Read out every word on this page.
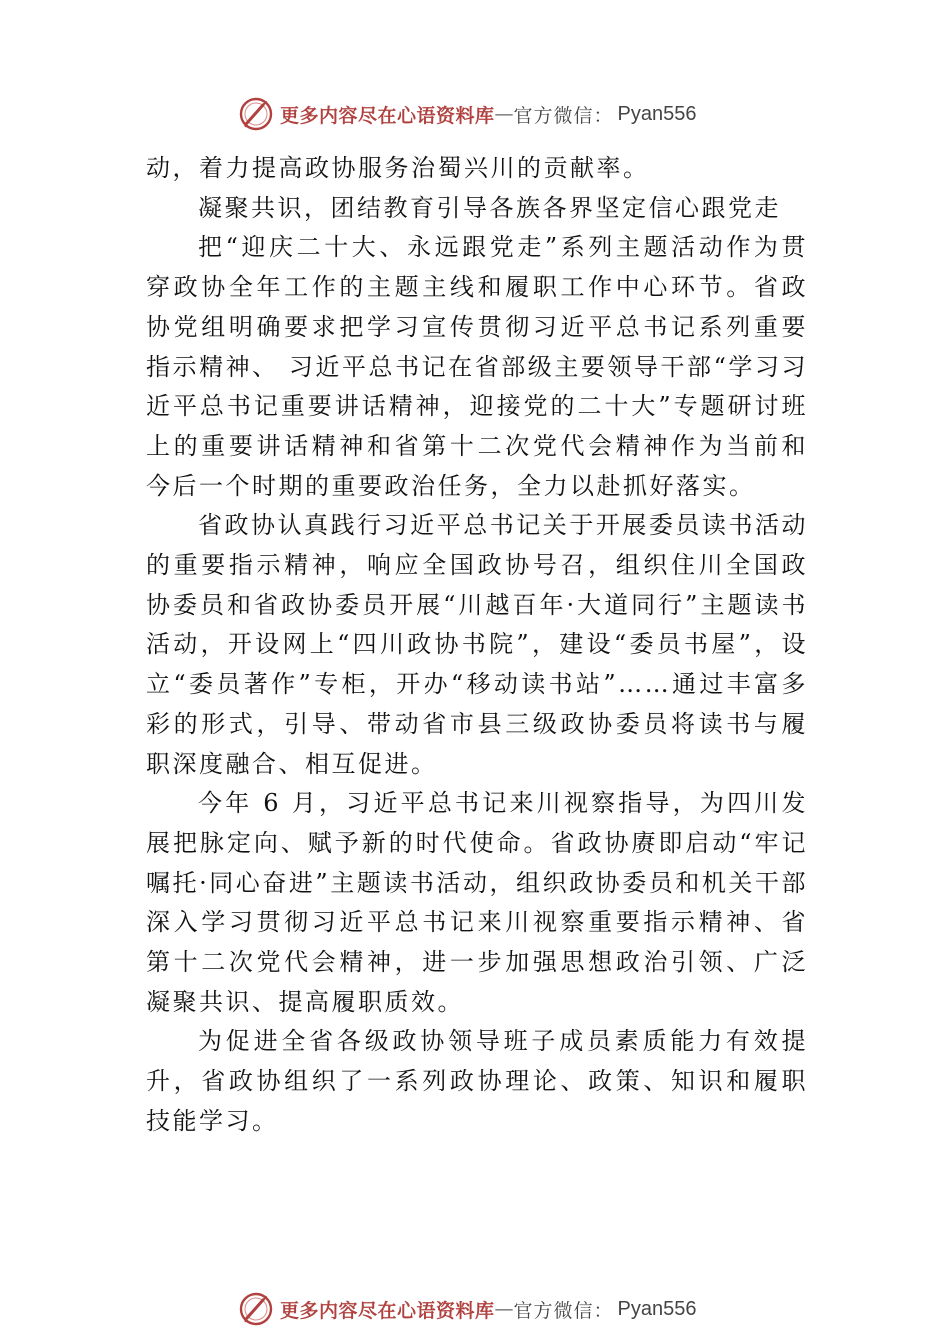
更多内容尽在心语资料库 — 官方微信： Pyan556

动，着力提高政协服务治蜀兴川的贡献率。

凝聚共识，团结教育引导各族各界坚定信心跟党走

把“迎庆二十大、永远跟党走”系列主题活动作为贯穿政协全年工作的主题主线和履职工作中心环节。省政协党组明确要求把学习宣传贯彻习近平总书记系列重要指示精神、 习近平总书记在省部级主要领导干部“学习习近平总书记重要讲话精神，迎接党的二十大”专题研讨班上的重要讲话精神和省第十二次党代会精神作为当前和今后一个时期的重要政治任务，全力以赴抓好落实。

省政协认真践行习近平总书记关于开展委员读书活动的重要指示精神，响应全国政协号召，组织住川全国政协委员和省政协委员开展“川越百年·大道同行”主题读书活动，开设网上“四川政协书院”，建设“委员书屋”，设立“委员著作”专柜，开办“移动读书站”……通过丰富多彩的形式，引导、带动省市县三级政协委员将读书与履职深度融合、相互促进。

今年 6 月，习近平总书记来川视察指导，为四川发展把脉定向、赋予新的时代使命。省政协赓即启动“牢记嘱托·同心奋进”主题读书活动，组织政协委员和机关干部深入学习贯彻习近平总书记来川视察重要指示精神、省第十二次党代会精神，进一步加强思想政治引领、广泛凝聚共识、提高履职质效。

为促进全省各级政协领导班子成员素质能力有效提升，省政协组织了一系列政协理论、政策、知识和履职技能学习。

更多内容尽在心语资料库 — 官方微信： Pyan556
